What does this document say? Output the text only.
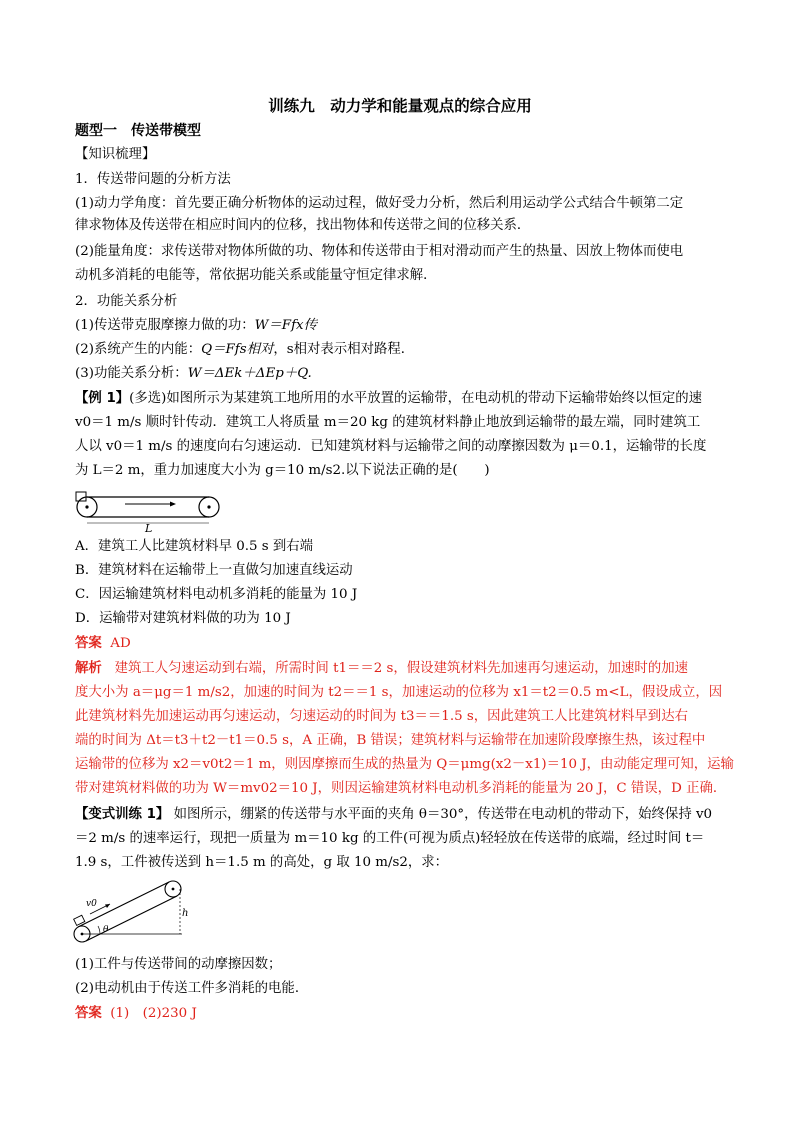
训练九　动力学和能量观点的综合应用
题型一　传送带模型
【知识梳理】
1．传送带问题的分析方法
(1)动力学角度：首先要正确分析物体的运动过程，做好受力分析，然后利用运动学公式结合牛顿第二定
律求物体及传送带在相应时间内的位移，找出物体和传送带之间的位移关系．
(2)能量角度：求传送带对物体所做的功、物体和传送带由于相对滑动而产生的热量、因放上物体而使电
动机多消耗的电能等，常依据功能关系或能量守恒定律求解．
2．功能关系分析
(1)传送带克服摩擦力做的功：W＝Ffx传
(2)系统产生的内能：Q＝Ffs相对，s相对表示相对路程．
(3)功能关系分析：W＝ΔEk＋ΔEp＋Q.
【例 1】(多选)如图所示为某建筑工地所用的水平放置的运输带，在电动机的带动下运输带始终以恒定的速
v0＝1 m/s 顺时针传动．建筑工人将质量 m＝20 kg 的建筑材料静止地放到运输带的最左端，同时建筑工
人以 v0＝1 m/s 的速度向右匀速运动．已知建筑材料与运输带之间的动摩擦因数为 μ＝0.1，运输带的长度
为 L＝2 m，重力加速度大小为 g＝10 m/s2.以下说法正确的是(　　)
L
A．建筑工人比建筑材料早 0.5 s 到右端
B．建筑材料在运输带上一直做匀加速直线运动
C．因运输建筑材料电动机多消耗的能量为 10 J
D．运输带对建筑材料做的功为 10 J
答案 AD
解析 建筑工人匀速运动到右端，所需时间 t1＝＝2 s，假设建筑材料先加速再匀速运动，加速时的加速
度大小为 a＝μg＝1 m/s2，加速的时间为 t2＝＝1 s，加速运动的位移为 x1＝t2＝0.5 m<L，假设成立，因
此建筑材料先加速运动再匀速运动，匀速运动的时间为 t3＝＝1.5 s，因此建筑工人比建筑材料早到达右
端的时间为 Δt＝t3＋t2－t1＝0.5 s，A 正确，B 错误；建筑材料与运输带在加速阶段摩擦生热，该过程中
运输带的位移为 x2＝v0t2＝1 m，则因摩擦而生成的热量为 Q＝μmg(x2－x1)＝10 J，由动能定理可知，运输
带对建筑材料做的功为 W＝mv02＝10 J，则因运输建筑材料电动机多消耗的能量为 20 J，C 错误，D 正确．
【变式训练 1】 如图所示，绷紧的传送带与水平面的夹角 θ＝30°，传送带在电动机的带动下，始终保持 v0
＝2 m/s 的速率运行，现把一质量为 m＝10 kg 的工件(可视为质点)轻轻放在传送带的底端，经过时间 t＝
1.9 s，工件被传送到 h＝1.5 m 的高处，g 取 10 m/s2，求：
v0
h
θ
(1)工件与传送带间的动摩擦因数；
(2)电动机由于传送工件多消耗的电能．
答案 (1)　(2)230 J
